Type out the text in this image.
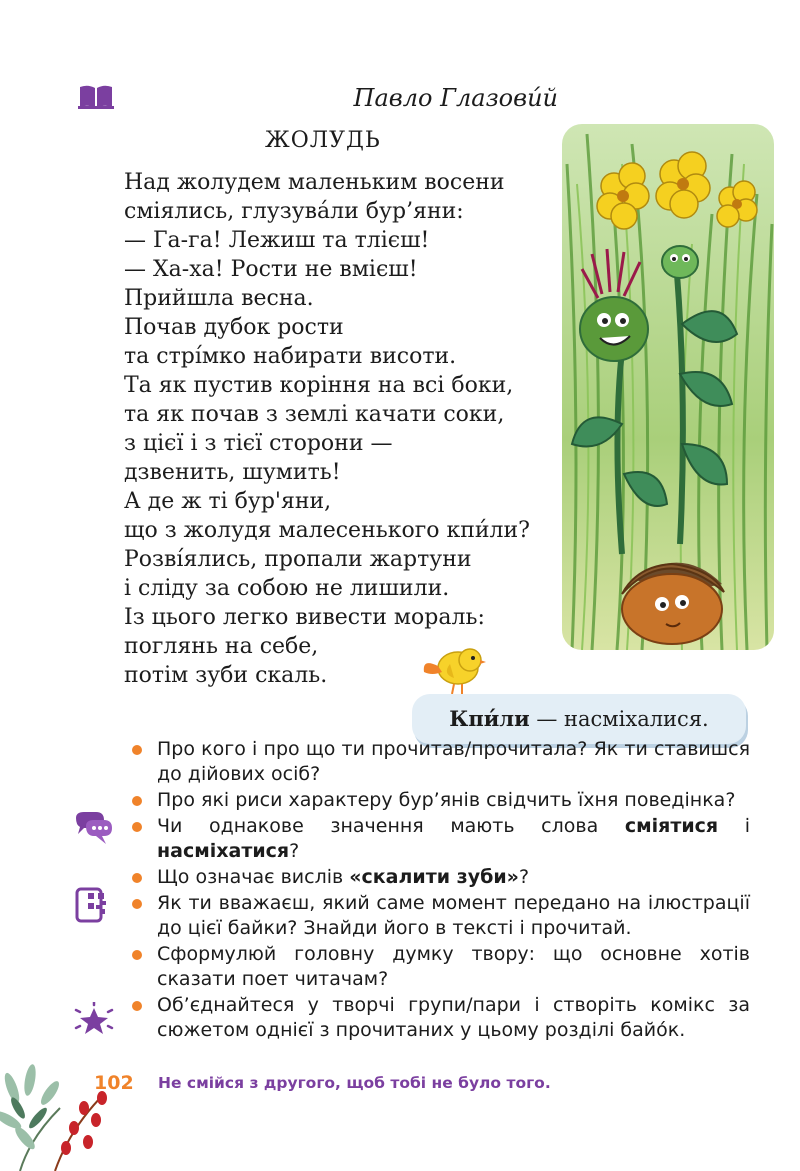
Павло Глазови́й
ЖОЛУДЬ
Над жолудем маленьким восени
сміялись, глузува́ли бур’яни:
— Га-га! Лежиш та тлієш!
— Ха-ха! Рости не вмієш!
Прийшла весна.
Почав дубок рости
та стрі́мко набирати висоти.
Та як пустив коріння на всі боки,
та як почав з землі качати соки,
з цієї і з тієї сторони —
дзвенить, шумить!
А де ж ті бур'яни,
що з жолудя малесенького кпи́ли?
Розві́ялись, пропали жартуни
і сліду за собою не лишили.
Із цього легко вивести мораль:
поглянь на себе,
потім зуби скаль.
Кпи́ли — насміхалися.
Про кого і про що ти прочитав/прочитала? Як ти ставишся до дійових осіб?
Про які риси характеру бур’янів свідчить їхня поведінка?
Чи однакове значення мають слова сміятися і насміхатися?
Що означає вислів «скалити зуби»?
Як ти вважаєш, який саме момент передано на ілюстрації до цієї байки? Знайди його в тексті і прочитай.
Сформулюй головну думку твору: що основне хотів сказати поет читачам?
Об’єднайтеся у творчі групи/пари і створіть комікс за сюжетом однієї з прочитаних у цьому розділі байо́к.
102 Не смійся з другого, щоб тобі не було того.
